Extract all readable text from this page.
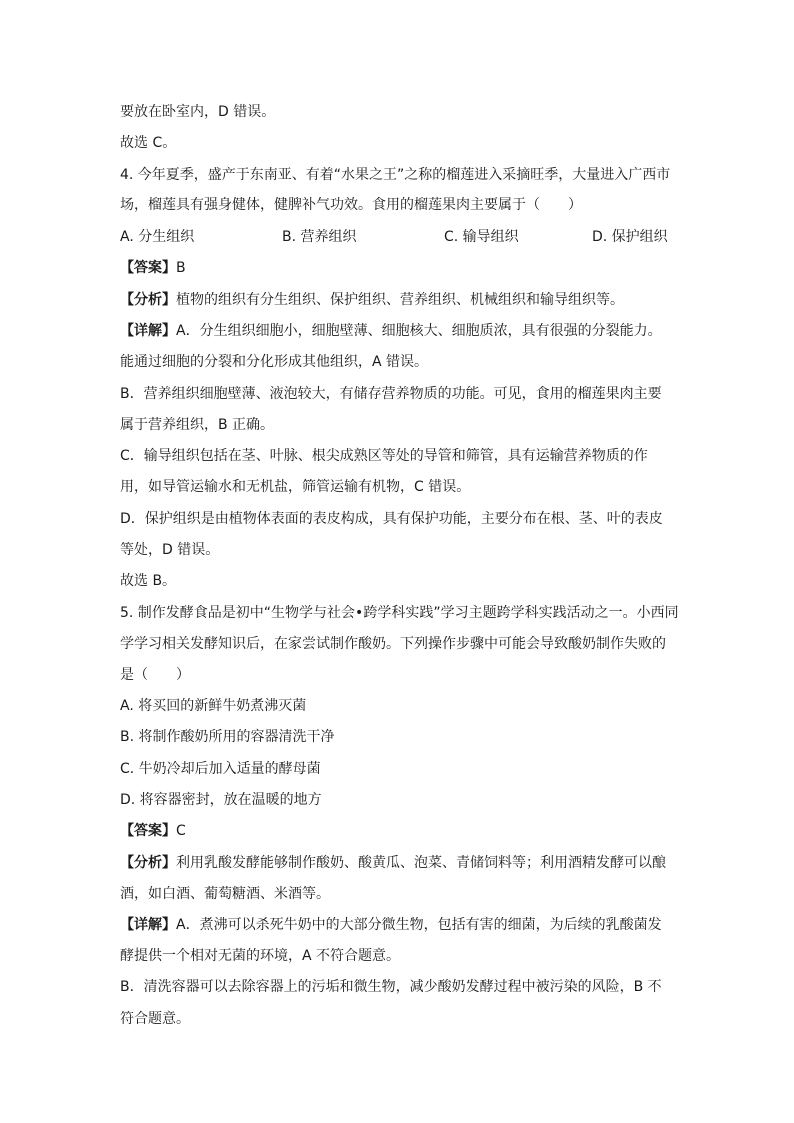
要放在卧室内，D 错误。
故选 C。
4. 今年夏季，盛产于东南亚、有着“水果之王”之称的榴莲进入采摘旺季，大量进入广西市
场，榴莲具有强身健体，健脾补气功效。食用的榴莲果肉主要属于（　　）
A. 分生组织	B. 营养组织	C. 输导组织	D. 保护组织
【答案】B
【分析】植物的组织有分生组织、保护组织、营养组织、机械组织和输导组织等。
【详解】A．分生组织细胞小，细胞壁薄、细胞核大、细胞质浓，具有很强的分裂能力。
能通过细胞的分裂和分化形成其他组织，A 错误。
B．营养组织细胞壁薄、液泡较大，有储存营养物质的功能。可见，食用的榴莲果肉主要
属于营养组织，B 正确。
C．输导组织包括在茎、叶脉、根尖成熟区等处的导管和筛管，具有运输营养物质的作
用，如导管运输水和无机盐，筛管运输有机物，C 错误。
D．保护组织是由植物体表面的表皮构成，具有保护功能，主要分布在根、茎、叶的表皮
等处，D 错误。
故选 B。
5. 制作发酵食品是初中“生物学与社会•跨学科实践”学习主题跨学科实践活动之一。小西同
学学习相关发酵知识后，在家尝试制作酸奶。下列操作步骤中可能会导致酸奶制作失败的
是（　　）
A. 将买回的新鲜牛奶煮沸灭菌
B. 将制作酸奶所用的容器清洗干净
C. 牛奶冷却后加入适量的酵母菌
D. 将容器密封，放在温暖的地方
【答案】C
【分析】利用乳酸发酵能够制作酸奶、酸黄瓜、泡菜、青储饲料等；利用酒精发酵可以酿
酒，如白酒、葡萄糖酒、米酒等。
【详解】A．煮沸可以杀死牛奶中的大部分微生物，包括有害的细菌，为后续的乳酸菌发
酵提供一个相对无菌的环境，A 不符合题意。
B．清洗容器可以去除容器上的污垢和微生物，减少酸奶发酵过程中被污染的风险，B 不
符合题意。
